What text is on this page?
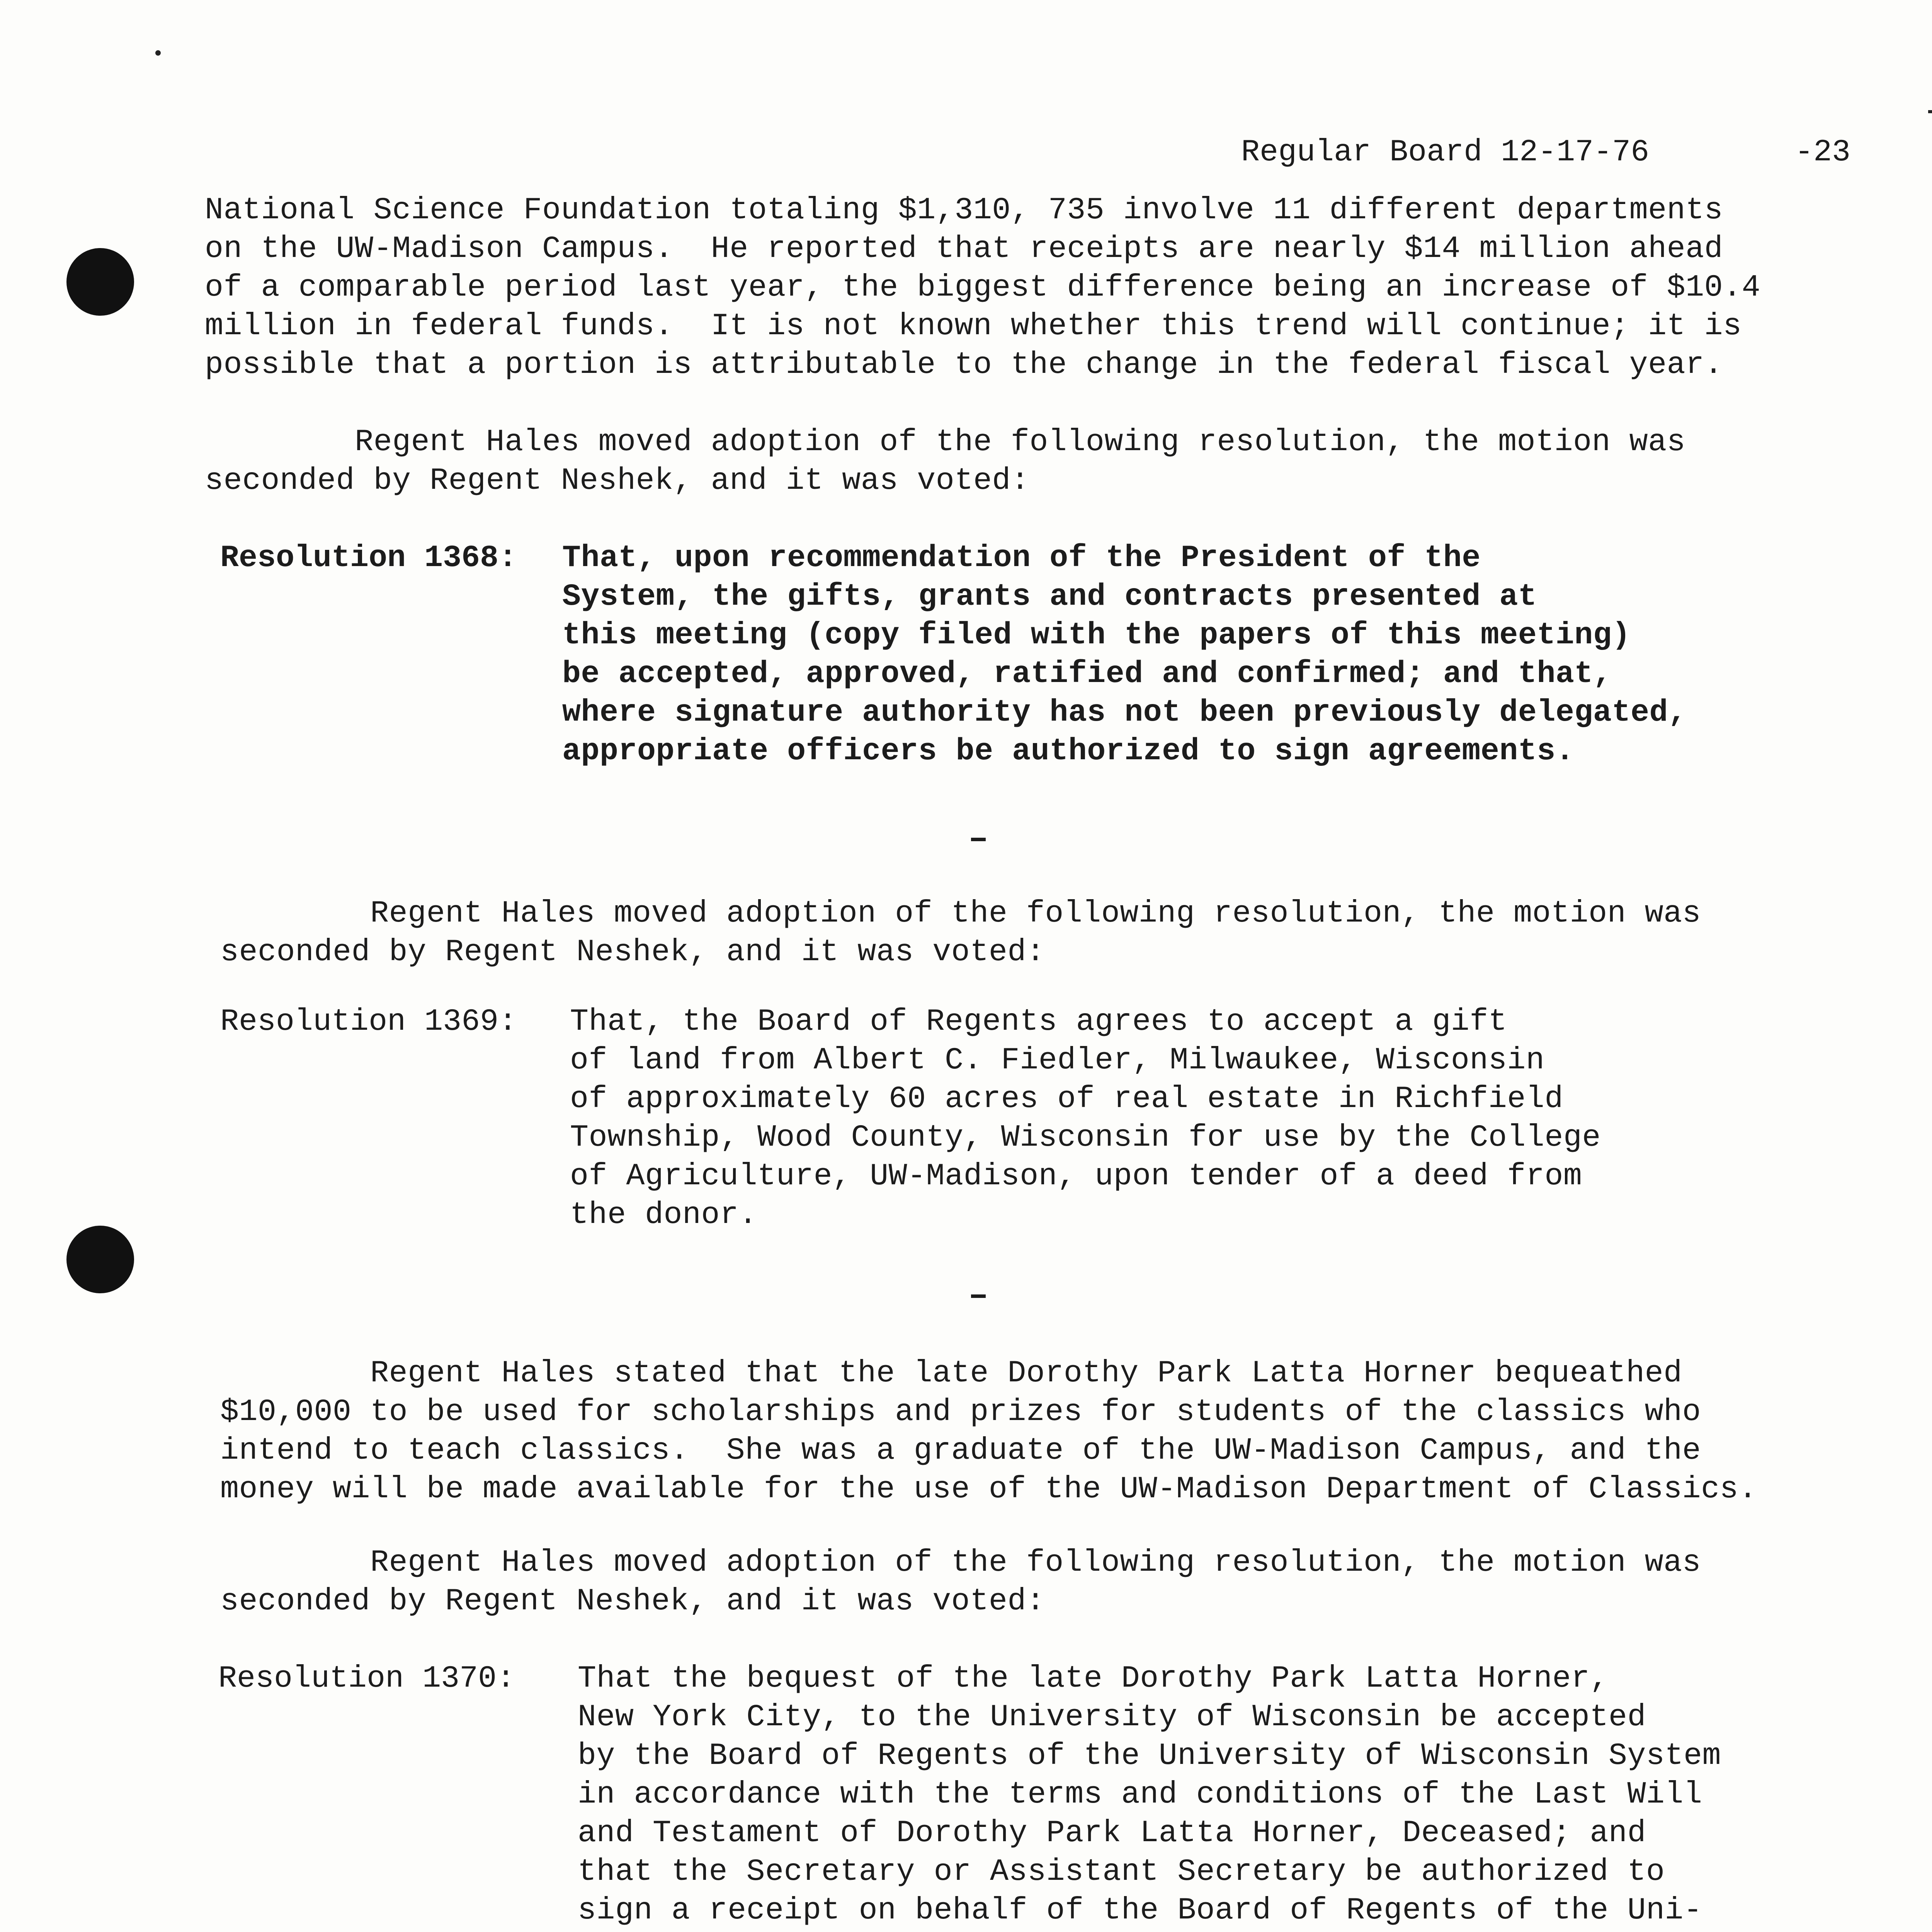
Regular Board 12-17-76	-23
National Science Foundation totaling $1,310, 735 involve 11 different departments
on the UW-Madison Campus.  He reported that receipts are nearly $14 million ahead
of a comparable period last year, the biggest difference being an increase of $10.4
million in federal funds.  It is not known whether this trend will continue; it is
possible that a portion is attributable to the change in the federal fiscal year.
Regent Hales moved adoption of the following resolution, the motion was
seconded by Regent Neshek, and it was voted:
Resolution 1368: That, upon recommendation of the President of the
System, the gifts, grants and contracts presented at
this meeting (copy filed with the papers of this meeting)
be accepted, approved, ratified and confirmed; and that,
where signature authority has not been previously delegated,
appropriate officers be authorized to sign agreements.
Regent Hales moved adoption of the following resolution, the motion was
seconded by Regent Neshek, and it was voted:
Resolution 1369: That, the Board of Regents agrees to accept a gift
of land from Albert C. Fiedler, Milwaukee, Wisconsin
of approximately 60 acres of real estate in Richfield
Township, Wood County, Wisconsin for use by the College
of Agriculture, UW-Madison, upon tender of a deed from
the donor.
Regent Hales stated that the late Dorothy Park Latta Horner bequeathed
$10,000 to be used for scholarships and prizes for students of the classics who
intend to teach classics.  She was a graduate of the UW-Madison Campus, and the
money will be made available for the use of the UW-Madison Department of Classics.
Regent Hales moved adoption of the following resolution, the motion was
seconded by Regent Neshek, and it was voted:
Resolution 1370: That the bequest of the late Dorothy Park Latta Horner,
New York City, to the University of Wisconsin be accepted
by the Board of Regents of the University of Wisconsin System
in accordance with the terms and conditions of the Last Will
and Testament of Dorothy Park Latta Horner, Deceased; and
that the Secretary or Assistant Secretary be authorized to
sign a receipt on behalf of the Board of Regents of the Uni-
